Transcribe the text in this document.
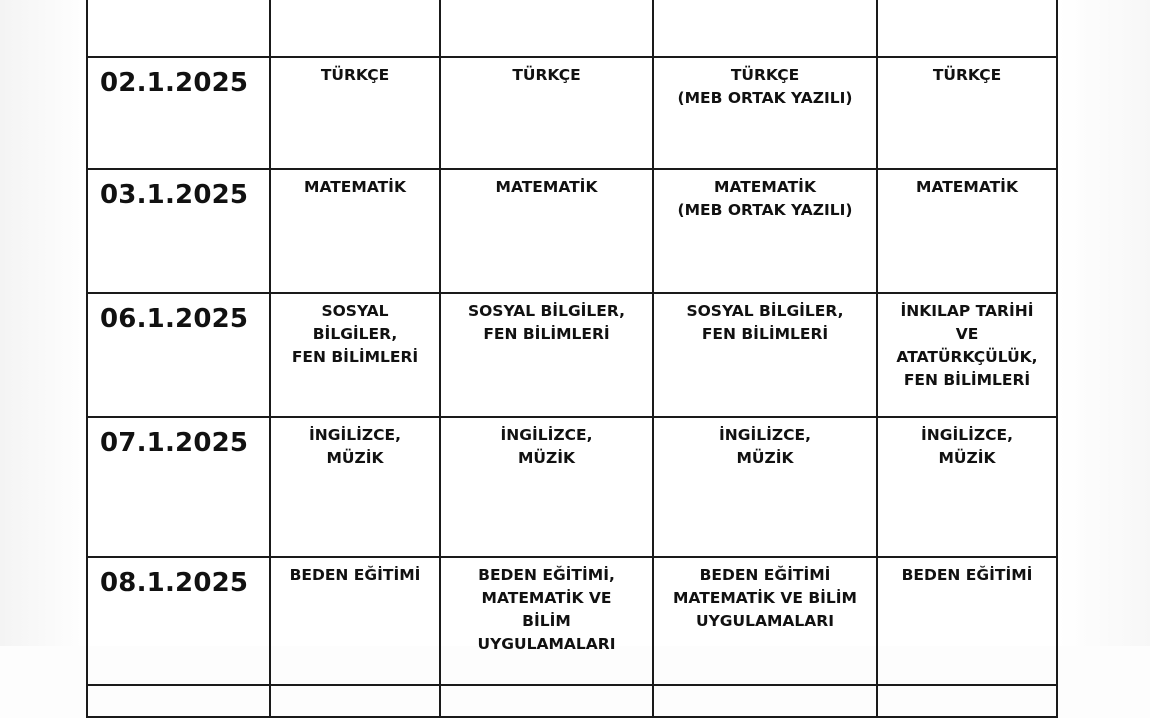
02.1.2025	TÜRKÇE	TÜRKÇE	TÜRKÇE
(MEB ORTAK YAZILI)	TÜRKÇE
03.1.2025	MATEMATİK	MATEMATİK	MATEMATİK
(MEB ORTAK YAZILI)	MATEMATİK
06.1.2025	SOSYAL
BİLGİLER,
FEN BİLİMLERİ	SOSYAL BİLGİLER,
FEN BİLİMLERİ	SOSYAL BİLGİLER,
FEN BİLİMLERİ	İNKILAP TARİHİ
VE
ATATÜRKÇÜLÜK,
FEN BİLİMLERİ
07.1.2025	İNGİLİZCE,
MÜZİK	İNGİLİZCE,
MÜZİK	İNGİLİZCE,
MÜZİK	İNGİLİZCE,
MÜZİK
08.1.2025	BEDEN EĞİTİMİ	BEDEN EĞİTİMİ,
MATEMATİK VE
BİLİM
UYGULAMALARI	BEDEN EĞİTİMİ
MATEMATİK VE BİLİM
UYGULAMALARI	BEDEN EĞİTİMİ
